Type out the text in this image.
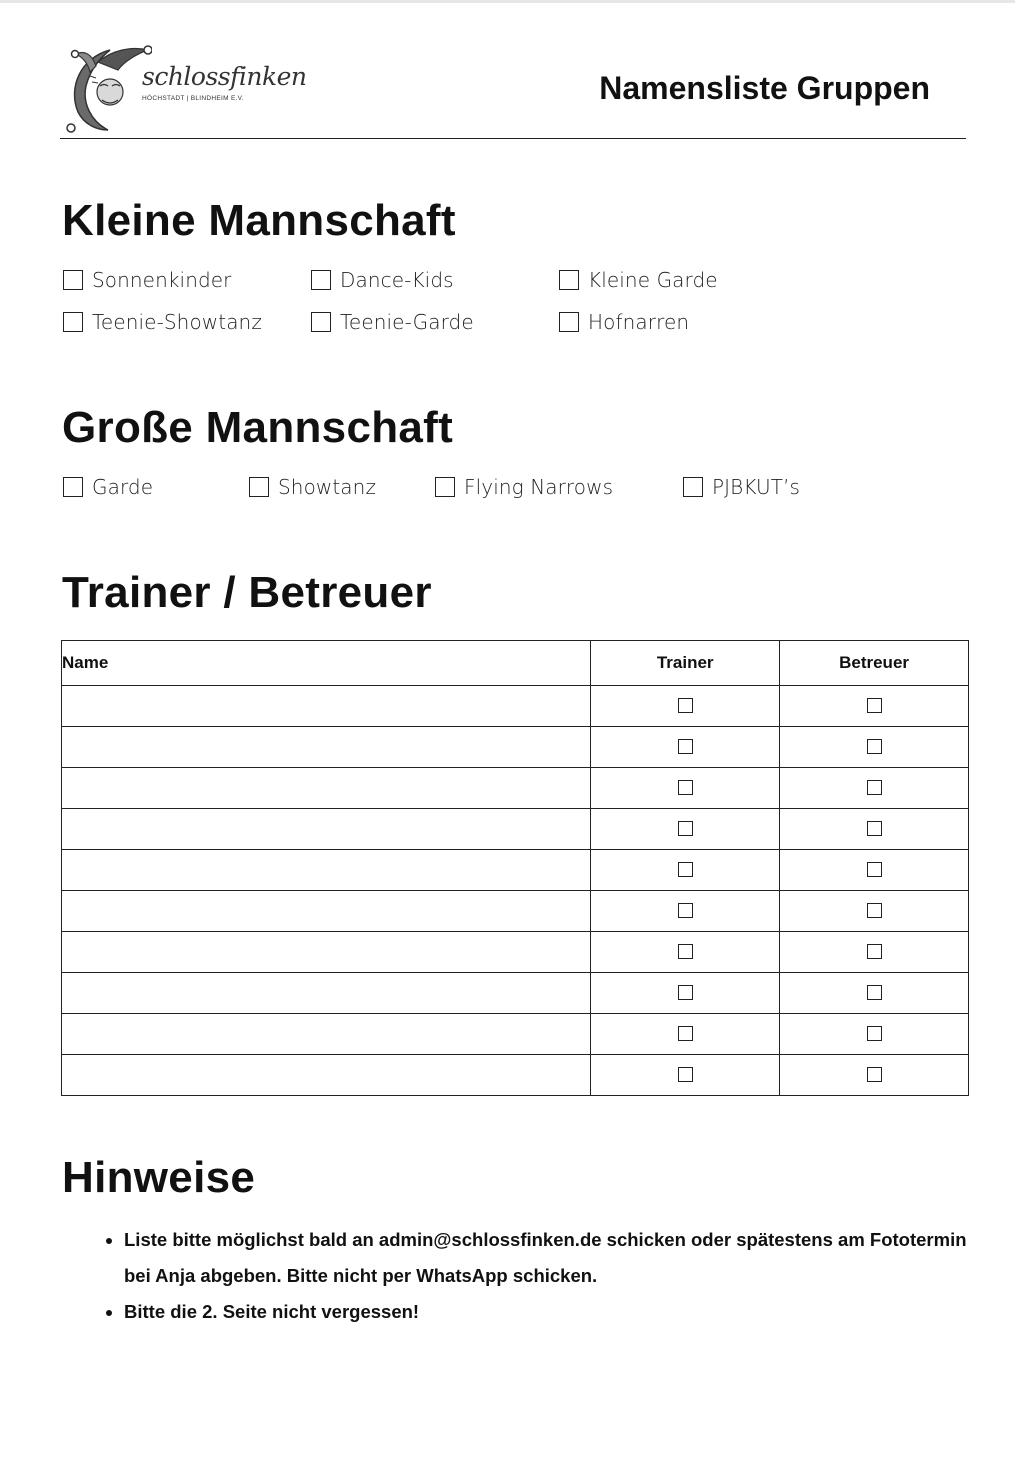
schlossfinken
HÖCHSTADT | BLINDHEIM E.V.	Namensliste Gruppen
Kleine Mannschaft
Sonnenkinder	Dance-Kids	Kleine Garde
Teenie-Showtanz	Teenie-Garde	Hofnarren
Große Mannschaft
Garde	Showtanz	Flying Narrows	PJBKUT’s
Trainer / Betreuer
Name	Trainer	Betreuer

Hinweise
• Liste bitte möglichst bald an admin@schlossfinken.de schicken oder spätestens am Fototermin bei Anja abgeben. Bitte nicht per WhatsApp schicken.
• Bitte die 2. Seite nicht vergessen!
